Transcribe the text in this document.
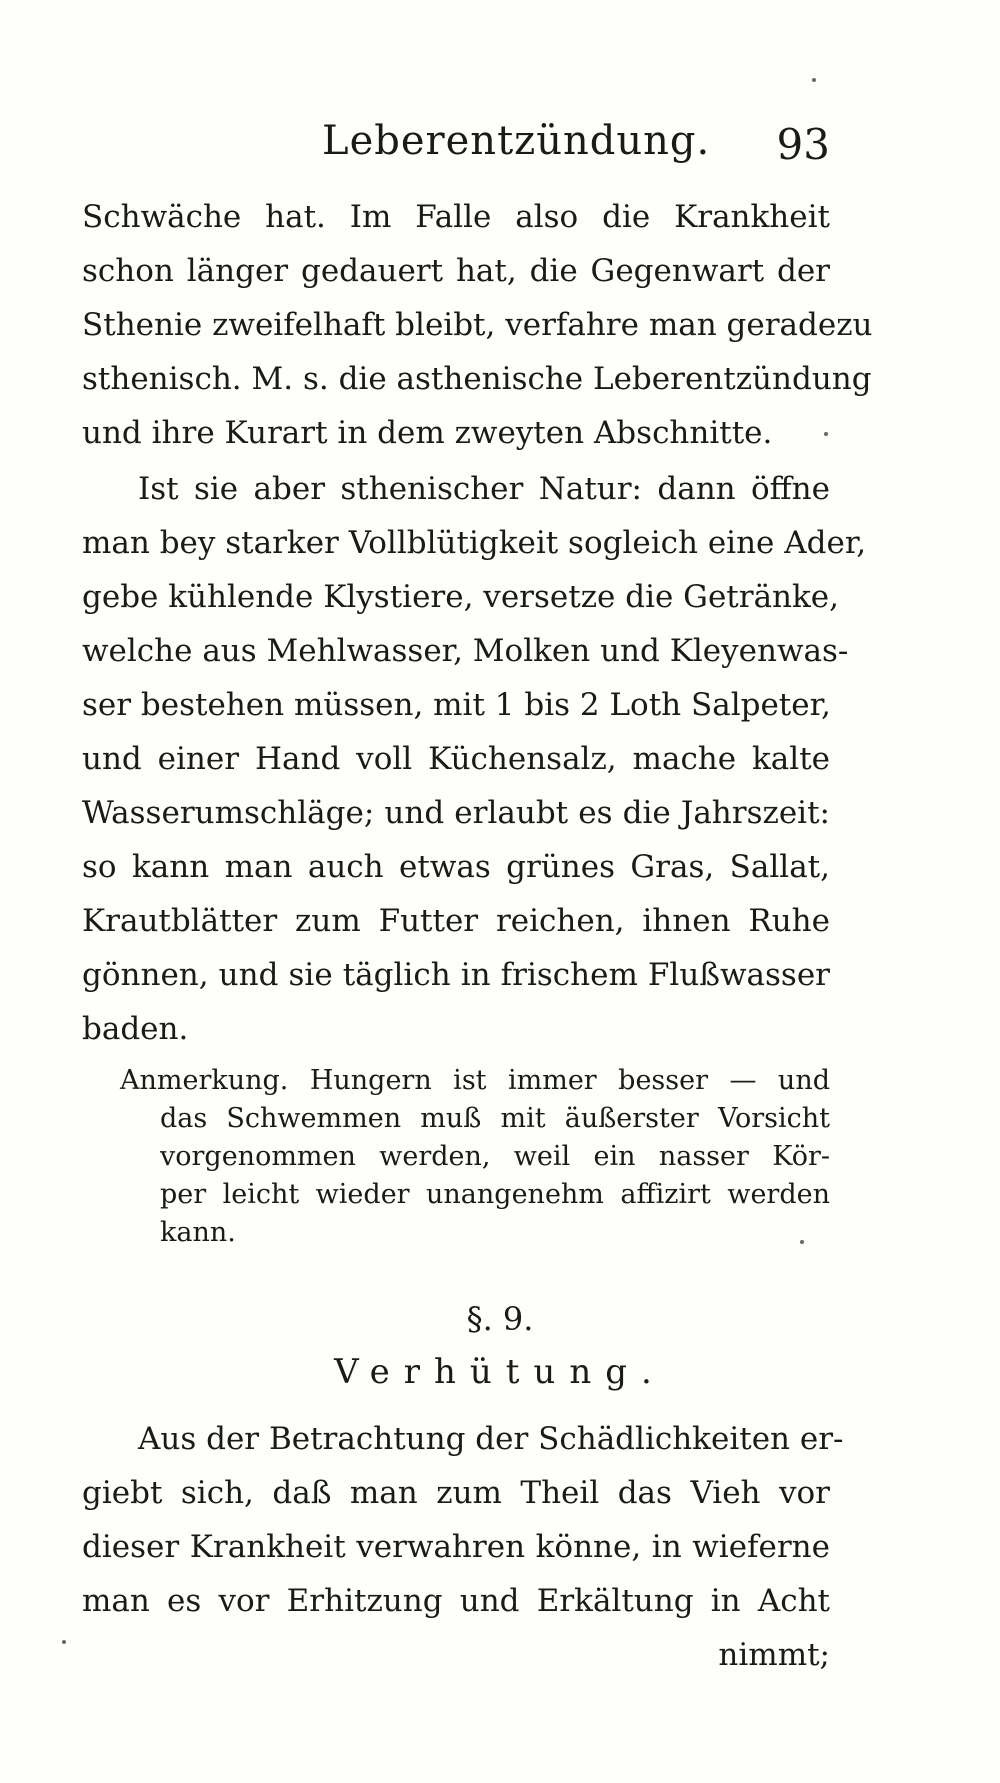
Leberentzündung. 93
Schwäche hat. Im Falle also die Krankheit
schon länger gedauert hat, die Gegenwart der
Sthenie zweifelhaft bleibt, verfahre man geradezu
sthenisch. M. s. die asthenische Leberentzündung
und ihre Kurart in dem zweyten Abschnitte.
Ist sie aber sthenischer Natur: dann öffne
man bey starker Vollblütigkeit sogleich eine Ader,
gebe kühlende Klystiere, versetze die Getränke,
welche aus Mehlwasser, Molken und Kleyenwas-
ser bestehen müssen, mit 1 bis 2 Loth Salpeter,
und einer Hand voll Küchensalz, mache kalte
Wasserumschläge; und erlaubt es die Jahrszeit:
so kann man auch etwas grünes Gras, Sallat,
Krautblätter zum Futter reichen, ihnen Ruhe
gönnen, und sie täglich in frischem Flußwasser
baden.
Anmerkung. Hungern ist immer besser — und
das Schwemmen muß mit äußerster Vorsicht
vorgenommen werden, weil ein nasser Kör-
per leicht wieder unangenehm affizirt werden
kann.
§. 9.
Verhütung.
Aus der Betrachtung der Schädlichkeiten er-
giebt sich, daß man zum Theil das Vieh vor
dieser Krankheit verwahren könne, in wieferne
man es vor Erhitzung und Erkältung in Acht
nimmt;
